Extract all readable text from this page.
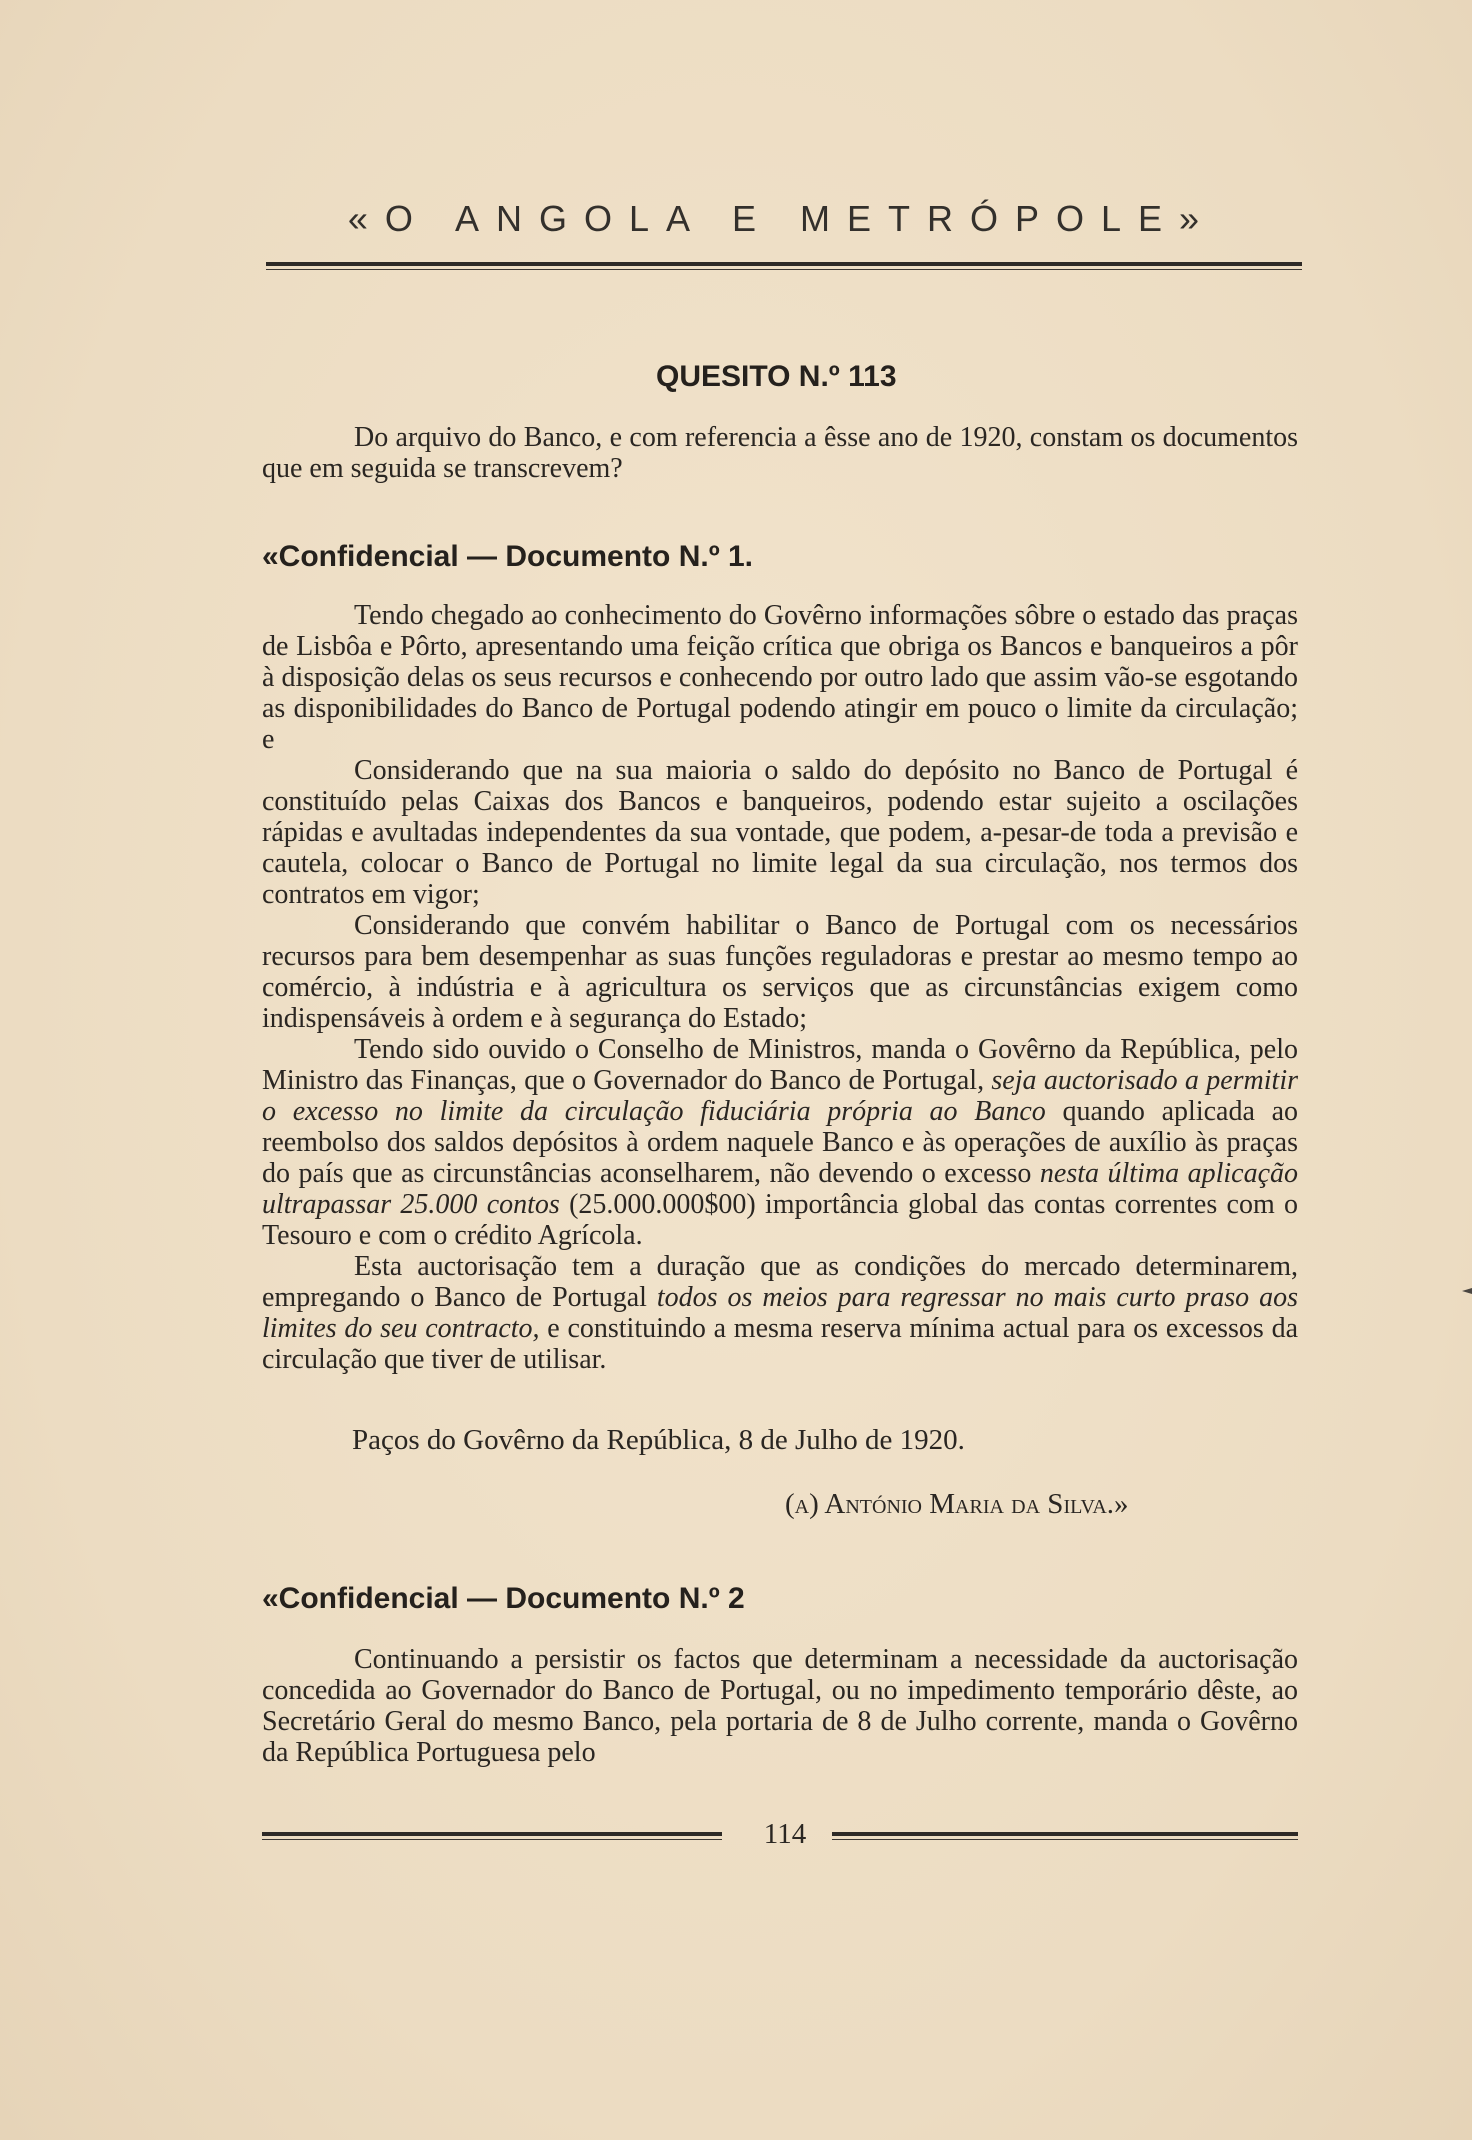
«O ANGOLA E METRÓPOLE»
QUESITO N.º 113

Do arquivo do Banco, e com referencia a êsse ano de 1920, constam os documentos que em seguida se transcrevem?

«Confidencial — Documento N.º 1.

Tendo chegado ao conhecimento do Govêrno informações sôbre o estado das praças de Lisbôa e Pôrto, apresentando uma feição crítica que obriga os Bancos e banqueiros a pôr à disposição delas os seus recursos e conhecendo por outro lado que assim vão-se esgotando as disponibilidades do Banco de Portugal podendo atingir em pouco o limite da circulação; e

Considerando que na sua maioria o saldo do depósito no Banco de Portugal é constituído pelas Caixas dos Bancos e banqueiros, podendo estar sujeito a oscilações rápidas e avultadas independentes da sua vontade, que podem, a-pesar-de toda a previsão e cautela, colocar o Banco de Portugal no limite legal da sua circulação, nos termos dos contratos em vigor;

Considerando que convém habilitar o Banco de Portugal com os necessários recursos para bem desempenhar as suas funções reguladoras e prestar ao mesmo tempo ao comércio, à indústria e à agricultura os serviços que as circunstâncias exigem como indispensáveis à ordem e à segurança do Estado;

Tendo sido ouvido o Conselho de Ministros, manda o Govêrno da República, pelo Ministro das Finanças, que o Governador do Banco de Portugal, seja auctorisado a permitir o excesso no limite da circulação fiduciária própria ao Banco quando aplicada ao reembolso dos saldos depósitos à ordem naquele Banco e às operações de auxílio às praças do país que as circunstâncias aconselharem, não devendo o excesso nesta última aplicação ultrapassar 25.000 contos (25.000.000$00) importância global das contas correntes com o Tesouro e com o crédito Agrícola.

Esta auctorisação tem a duração que as condições do mercado determinarem, empregando o Banco de Portugal todos os meios para regressar no mais curto praso aos limites do seu contracto, e constituindo a mesma reserva mínima actual para os excessos da circulação que tiver de utilisar.

Paços do Govêrno da República, 8 de Julho de 1920.
(a) António Maria da Silva.»
«Confidencial — Documento N.º 2

Continuando a persistir os factos que determinam a necessidade da auctorisação concedida ao Governador do Banco de Portugal, ou no impedimento temporário dêste, ao Secretário Geral do mesmo Banco, pela portaria de 8 de Julho corrente, manda o Govêrno da República Portuguesa pelo

114
